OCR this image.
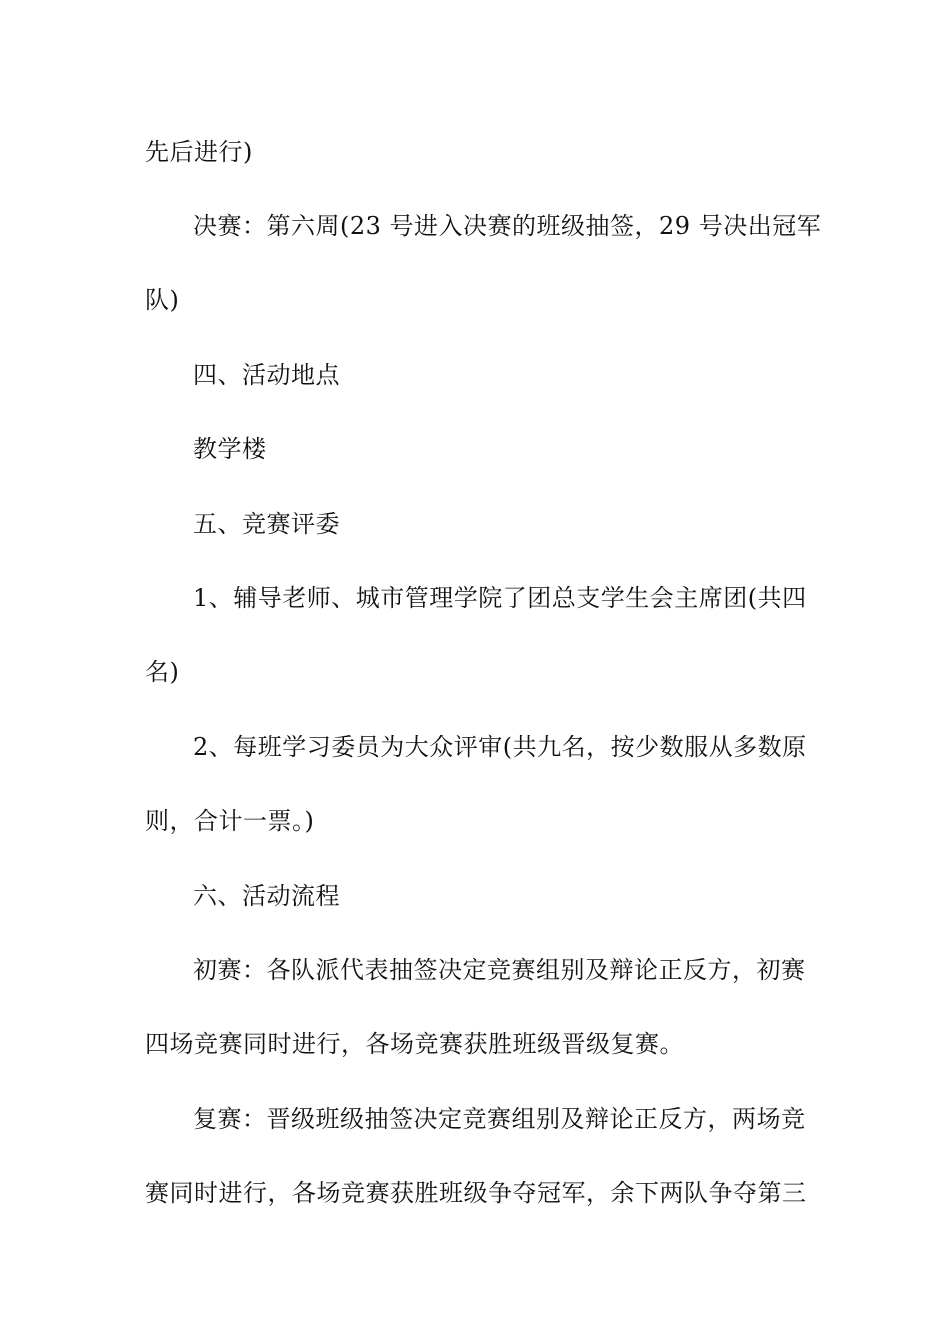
先后进行)
决赛：第六周(23 号进入决赛的班级抽签，29 号决出冠军
队)
四、活动地点
教学楼
五、竞赛评委
1、辅导老师、城市管理学院了团总支学生会主席团(共四
名)
2、每班学习委员为大众评审(共九名，按少数服从多数原
则，合计一票。)
六、活动流程
初赛：各队派代表抽签决定竞赛组别及辩论正反方，初赛
四场竞赛同时进行，各场竞赛获胜班级晋级复赛。
复赛：晋级班级抽签决定竞赛组别及辩论正反方，两场竞
赛同时进行，各场竞赛获胜班级争夺冠军，余下两队争夺第三
